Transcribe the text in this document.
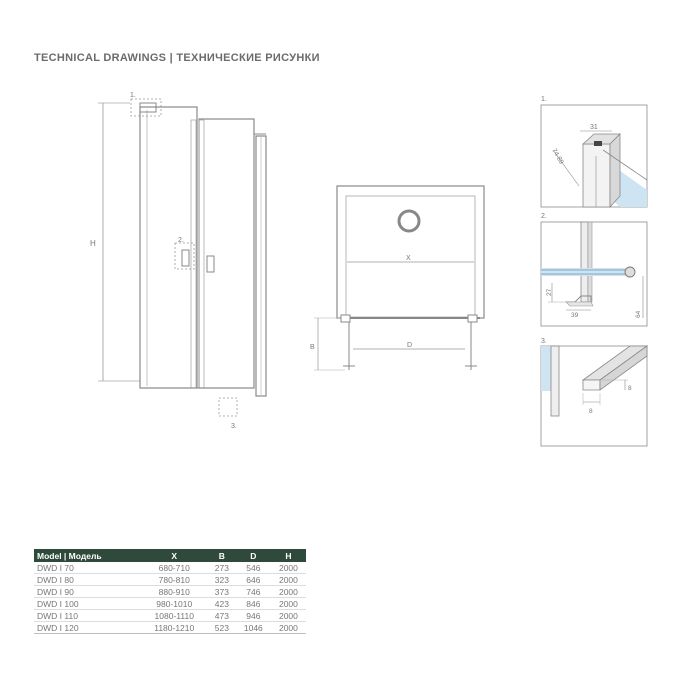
TECHNICAL DRAWINGS | ТЕХНИЧЕСКИЕ РИСУНКИ
H
1.
2.
3.
X
D
B
1.
31
74-89
2.
27
39	64
3.
8
8
Model | Модель	X	B	D	H
DWD I 70	680-710	273	546	2000
DWD I 80	780-810	323	646	2000
DWD I 90	880-910	373	746	2000
DWD I 100	980-1010	423	846	2000
DWD I 110	1080-1110	473	946	2000
DWD I 120	1180-1210	523	1046	2000
